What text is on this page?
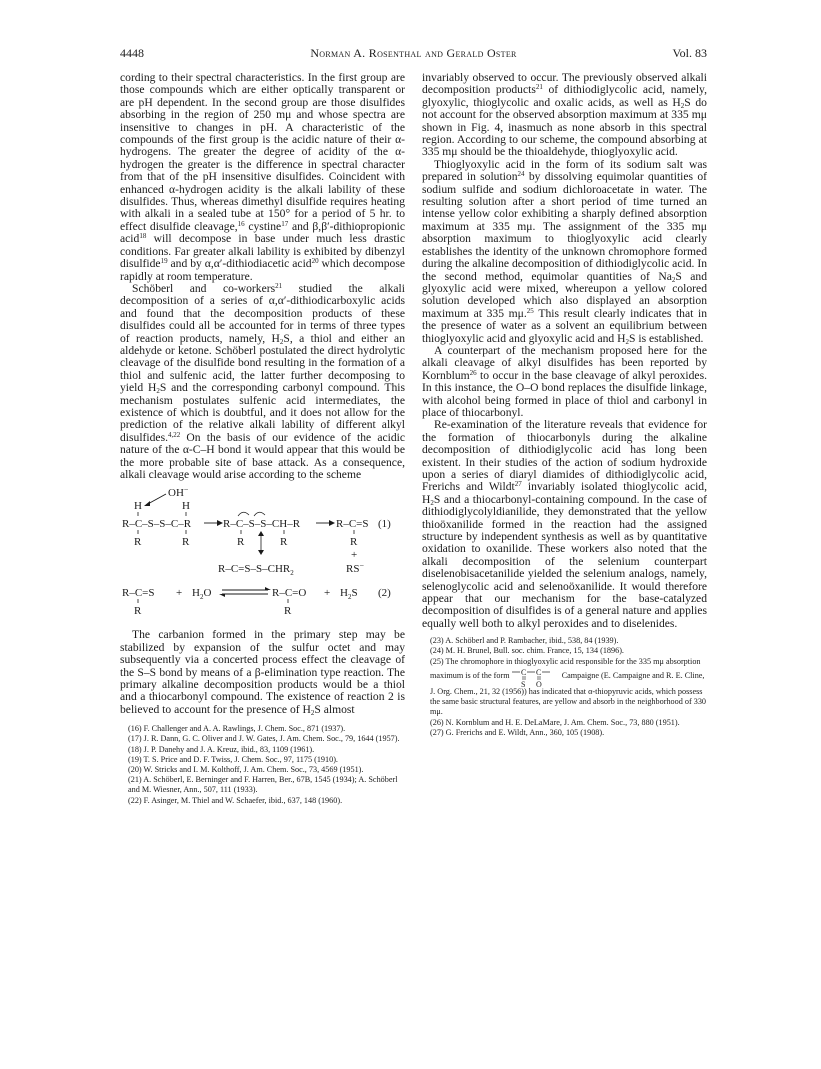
4448	Norman A. Rosenthal and Gerald Oster	Vol. 83

cording to their spectral characteristics. In the first group are those compounds which are either optically transparent or are pH dependent. In the second group are those disulfides absorbing in the region of 250 mμ and whose spectra are insensitive to changes in pH. A characteristic of the compounds of the first group is the acidic nature of their α-hydrogens. The greater the degree of acidity of the α-hydrogen the greater is the difference in spectral character from that of the pH insensitive disulfides. Coincident with enhanced α-hydrogen acidity is the alkali lability of these disulfides. Thus, whereas dimethyl disulfide requires heating with alkali in a sealed tube at 150° for a period of 5 hr. to effect disulfide cleavage,$^{16}$ cystine$^{17}$ and β,β′-dithiopropionic acid$^{18}$ will decompose in base under much less drastic conditions. Far greater alkali lability is exhibited by dibenzyl disulfide$^{19}$ and by α,α′-dithiodiacetic acid$^{20}$ which decompose rapidly at room temperature.

Schöberl and co-workers$^{21}$ studied the alkali decomposition of a series of α,α′-dithiodicarboxylic acids and found that the decomposition products of these disulfides could all be accounted for in terms of three types of reaction products, namely, $H_2S$, a thiol and either an aldehyde or ketone. Schöberl postulated the direct hydrolytic cleavage of the disulfide bond resulting in the formation of a thiol and sulfenic acid, the latter further decomposing to yield $H_2S$ and the corresponding carbonyl compound. This mechanism postulates sulfenic acid intermediates, the existence of which is doubtful, and it does not allow for the prediction of the relative alkali lability of different alkyl disulfides.$^{4,22}$ On the basis of our evidence of the acidic nature of the α-C–H bond it would appear that this would be the more probable site of base attack. As a consequence, alkali cleavage would arise according to the scheme

OH−
H	H
R–C–S–S–C–R	R–C–S–S–CH–R	R–C=S (1)
R	R	R	R	R
+
$R-C=S-S-CHR_2$	RS−
$R-C=S + H_2O$	$R-C=O + H_2S$ (2)
R	R

The carbanion formed in the primary step may be stabilized by expansion of the sulfur octet and may subsequently via a concerted process effect the cleavage of the S–S bond by means of a β-elimination type reaction. The primary alkaline decomposition products would be a thiol and a thiocarbonyl compound. The existence of reaction 2 is believed to account for the presence of $H_2S$ almost

(16) F. Challenger and A. A. Rawlings, J. Chem. Soc., 871 (1937).

(17) J. R. Dann, G. C. Oliver and J. W. Gates, J. Am. Chem. Soc., 79, 1644 (1957).

(18) J. P. Danehy and J. A. Kreuz, ibid., 83, 1109 (1961).

(19) T. S. Price and D. F. Twiss, J. Chem. Soc., 97, 1175 (1910).

(20) W. Stricks and I. M. Kolthoff, J. Am. Chem. Soc., 73, 4569 (1951).

(21) A. Schöberl, E. Berninger and F. Harren, Ber., 67B, 1545 (1934); A. Schöberl and M. Wiesner, Ann., 507, 111 (1933).

(22) F. Asinger, M. Thiel and W. Schaefer, ibid., 637, 148 (1960).

invariably observed to occur. The previously observed alkali decomposition products$^{21}$ of dithiodiglycolic acid, namely, glyoxylic, thioglycolic and oxalic acids, as well as $H_2S$ do not account for the observed absorption maximum at 335 mμ shown in Fig. 4, inasmuch as none absorb in this spectral region. According to our scheme, the compound absorbing at 335 mμ should be the thioaldehyde, thioglyoxylic acid.

Thioglyoxylic acid in the form of its sodium salt was prepared in solution$^{24}$ by dissolving equimolar quantities of sodium sulfide and sodium dichloroacetate in water. The resulting solution after a short period of time turned an intense yellow color exhibiting a sharply defined absorption maximum at 335 mμ. The assignment of the 335 mμ absorption maximum to thioglyoxylic acid clearly establishes the identity of the unknown chromophore formed during the alkaline decomposition of dithiodiglycolic acid. In the second method, equimolar quantities of $Na_2S$ and glyoxylic acid were mixed, whereupon a yellow colored solution developed which also displayed an absorption maximum at 335 mμ.$^{25}$ This result clearly indicates that in the presence of water as a solvent an equilibrium between thioglyoxylic acid and glyoxylic acid and $H_2S$ is established.

A counterpart of the mechanism proposed here for the alkali cleavage of alkyl disulfides has been reported by Kornblum$^{26}$ to occur in the base cleavage of alkyl peroxides. In this instance, the O–O bond replaces the disulfide linkage, with alcohol being formed in place of thiol and carbonyl in place of thiocarbonyl.

Re-examination of the literature reveals that evidence for the formation of thiocarbonyls during the alkaline decomposition of dithiodiglycolic acid has long been existent. In their studies of the action of sodium hydroxide upon a series of diaryl diamides of dithiodiglycolic acid, Frerichs and Wildt$^{27}$ invariably isolated thioglycolic acid, $H_2S$ and a thiocarbonyl-containing compound. In the case of dithiodiglycolyldianilide, they demonstrated that the yellow thioöxanilide formed in the reaction had the assigned structure by independent synthesis as well as by quantitative oxidation to oxanilide. These workers also noted that the alkali decomposition of the selenium counterpart diselenobisacetanilide yielded the selenium analogs, namely, selenoglycolic acid and selenoöxanilide. It would therefore appear that our mechanism for the base-catalyzed decomposition of disulfides is of a general nature and applies equally well both to alkyl peroxides and to diselenides.

(23) A. Schöberl and P. Rambacher, ibid., 538, 84 (1939).

(24) M. H. Brunel, Bull. soc. chim. France, 15, 134 (1896).

(25) The chromophore in thioglyoxylic acid responsible for the 335 mμ absorption maximum is of the form C C
S O
Campaigne (E. Campaigne and R. E. Cline, J. Org. Chem., 21, 32 (1956)) has indicated that α-thiopyruvic acids, which possess the same basic structural features, are yellow and absorb in the neighborhood of 330 mμ.

(26) N. Kornblum and H. E. DeLaMare, J. Am. Chem. Soc., 73, 880 (1951).

(27) G. Frerichs and E. Wildt, Ann., 360, 105 (1908).
